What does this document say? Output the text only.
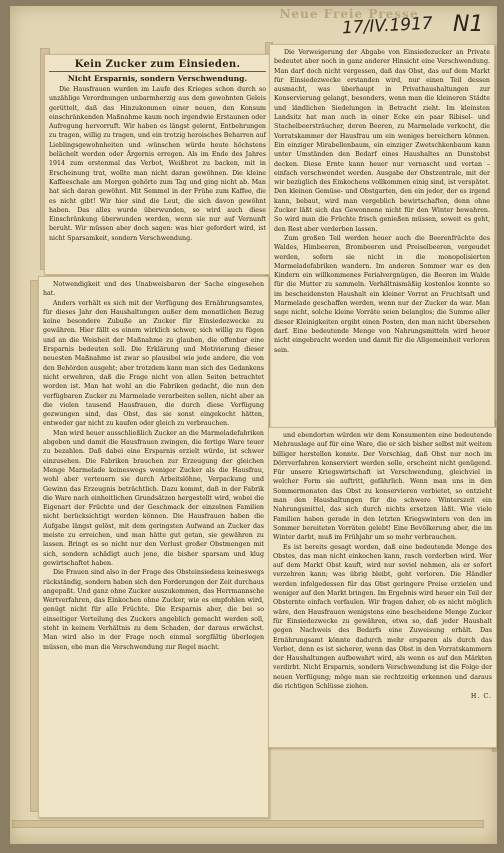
Neue Freie Presse
17/IV.1917 N1
Kein Zucker zum Einsieden.
Nicht Ersparnis, sondern Verschwendung.

Die Hausfrauen wurden im Laufe des Krieges schon durch so unzählige Verordnungen unbarmherzig aus dem gewohnten Geleis gerüttelt, daß das Hinzukommen einer neuen, den Konsum einschränkenden Maßnahme kaum noch irgendwie Erstaunen oder Aufregung hervorruft. Wir haben es längst gelernt, Entbehrungen zu tragen, willig zu tragen, und ein trotzig heroisches Beharren auf Lieblingsgewohnheiten und -wünschen würde heute höchstens belächelt werden oder Ärgernis erregen. Als im Ende des Jahres 1914 zum erstenmal das Verbot, Weißbrot zu backen, mit in Erscheinung trat, wollte man nicht daran gewöhnen. Die kleine Kaffeeschale am Morgen gehörte zum Tag und ging nicht ab. Man hat sich daran gewöhnt. Mit Semmel in der Frühe zum Kaffee, die es nicht gibt! Wir hier sind die Leut, die sich davon gewöhnt haben. Das alles wurde überwunden, so wird auch diese Einschränkung überwunden werden, wenn sie nur auf Vernunft beruht. Wir müssen aber doch sagen: was hier gefordert wird, ist nicht Sparsamkeit, sondern Verschwendung.

Die Verweigerung der Abgabe von Einsiedezucker an Private bedeutet aber noch in ganz anderer Hinsicht eine Verschwendung. Man darf doch nicht vergessen, daß das Obst, das auf dem Markt für Einsiedezwecke erstanden wird, nur einen Teil dessen ausmacht, was überhaupt in Privathaushaltungen zur Konservierung gelangt, besonders, wenn man die kleineren Städte und ländlichen Siedelungen in Betracht zieht. Im kleinsten Landsitz hat man auch in einer Ecke ein paar Ribisel- und Stachelbeersträucher, deren Beeren, zu Marmelade verkocht, die Vorratskammer der Hausfrau um ein weniges bereichern können. Ein einziger Mirabellenbaum, ein einziger Zwetschkenbaum kann unter Umständen den Bedarf eines Haushaltes an Dunstobst decken. Diese Ernte kann heuer nur vernascht und vertan – einfach verschwendet werden. Ausgabe der Obstzentrale, mit der wir bezüglich des Einkochens vollkommen einig sind, ist verspätet. Den kleinen Gemüse- und Obstgarten, den ein jeder, der es irgend kann, bebaut, wird man vergeblich bewirtschaften, denn ohne Zucker läßt sich das Gewonnene nicht für den Winter bewahren. So wird man die Früchte frisch genießen müssen, soweit es geht, den Rest aber verderben lassen.

Zum großen Teil werden heuer auch die Beerenfrüchte des Waldes, Himbeeren, Brombeeren und Preiselbeeren, vergeudet werden, sofern sie nicht in die monopolisierten Marmeladefabriken wandern. Im anderen Sommer war es den Kindern ein willkommenes Ferialvergnügen, die Beeren im Walde für die Mutter zu sammeln. Verhältnismäßig kostenlos konnte so im bescheidensten Haushalt ein kleiner Vorrat an Fruchtsaft und Marmelade geschaffen werden, wenn nur der Zucker da war. Man sage nicht, solche kleine Vorräte seien belanglos; die Summe aller dieser Kleinigkeiten ergibt einen Posten, den man nicht übersehen darf. Eine bedeutende Menge von Nahrungsmitteln wird heuer nicht eingebracht werden und damit für die Allgemeinheit verloren sein.

Notwendigkeit und des Unabweisbaren der Sache eingesehen hat.

Anders verhält es sich mit der Verfügung des Ernährungsamtes, für dieses Jahr den Haushaltungen außer dem monatlichen Bezug keine besondere Zubuße an Zucker für Einsiedezwecke zu gewähren. Hier fällt es einem wirklich schwer, sich willig zu fügen und an die Weisheit der Maßnahme zu glauben, die offenbar eine Ersparnis bedeuten soll. Die Erklärung und Motivierung dieser neuesten Maßnahme ist zwar so plausibel wie jede andere, die von den Behörden ausgeht; aber trotzdem kann man sich des Gedankens nicht erwehren, daß die Frage nicht von allen Seiten betrachtet worden ist. Man hat wohl an die Fabriken gedacht, die nun den verfügbaren Zucker zu Marmelade verarbeiten sollen, nicht aber an die vielen tausend Hausfrauen, die durch diese Verfügung gezwungen sind, das Obst, das sie sonst eingekocht hätten, entweder gar nicht zu kaufen oder gleich zu verbrauchen.

Man wird heuer ausschließlich Zucker an die Marmeladefabriken abgeben und damit die Hausfrauen zwingen, die fertige Ware teuer zu bezahlen. Daß dabei eine Ersparnis erzielt würde, ist schwer einzusehen. Die Fabriken brauchen zur Erzeugung der gleichen Menge Marmelade keineswegs weniger Zucker als die Hausfrau, wohl aber verteuern sie durch Arbeitslöhne, Verpackung und Gewinn das Erzeugnis beträchtlich. Dazu kommt, daß in der Fabrik die Ware nach einheitlichen Grundsätzen hergestellt wird, wobei die Eigenart der Früchte und der Geschmack der einzelnen Familien nicht berücksichtigt werden können. Die Hausfrauen haben die Aufgabe längst gelöst, mit dem geringsten Aufwand an Zucker das meiste zu erreichen, und man hätte gut getan, sie gewähren zu lassen. Bringt es so nicht nur den Verlust großer Obstmengen mit sich, sondern schädigt auch jene, die bisher sparsam und klug gewirtschaftet haben.

Die Frauen sind also in der Frage des Obsteinsiedens keineswegs rückständig, sondern haben sich den Forderungen der Zeit durchaus angepaßt. Und ganz ohne Zucker auszukommen, das Herrmannsche Wertverfahren, das Einkochen ohne Zucker, wie es empfohlen wird, genügt nicht für alle Früchte. Die Ersparnis aber, die bei so einseitiger Verteilung des Zuckers angeblich gemacht werden soll, steht in keinem Verhältnis zu dem Schaden, der daraus erwächst. Man wird also in der Frage noch einmal sorgfältig überlegen müssen, ehe man die Verschwendung zur Regel macht.

und ebendorten würden wir dem Konsumenten eine bedeutende Mehrauslage auf für eine Ware, die er sich bisher selbst mit weitem billiger herstellen konnte. Der Vorschlag, daß Obst nur noch im Dörrverfahren konserviert werden solle, erscheint nicht genügend. Für unsere Kriegswirtschaft ist Verschwendung, gleichviel in welcher Form sie auftritt, gefährlich. Wenn man uns in den Sommermonaten das Obst zu konservieren verbietet, so entzieht man den Haushaltungen für die schwere Winterszeit ein Nahrungsmittel, das sich durch nichts ersetzen läßt. Wie viele Familien haben gerade in den letzten Kriegswintern von den im Sommer bereiteten Vorräten gelebt! Eine Bevölkerung aber, die im Winter darbt, muß im Frühjahr um so mehr verbrauchen.

Es ist bereits gesagt worden, daß eine bedeutende Menge des Obstes, das man nicht einkochen kann, rasch verdorben wird. Wer auf dem Markt Obst kauft, wird nur soviel nehmen, als er sofort verzehren kann; was übrig bleibt, geht verloren. Die Händler werden infolgedessen für das Obst geringere Preise erzielen und weniger auf den Markt bringen. Im Ergebnis wird heuer ein Teil der Obsternte einfach verfaulen. Wir fragen daher, ob es nicht möglich wäre, den Hausfrauen wenigstens eine bescheidene Menge Zucker für Einsiedezwecke zu gewähren, etwa so, daß jeder Haushalt gegen Nachweis des Bedarfs eine Zuweisung erhält. Das Ernährungsamt könnte dadurch mehr ersparen als durch das Verbot, denn es ist sicherer, wenn das Obst in den Vorratskammern der Haushaltungen aufbewahrt wird, als wenn es auf den Märkten verdirbt. Nicht Ersparnis, sondern Verschwendung ist die Folge der neuen Verfügung; möge man sie rechtzeitig erkennen und daraus die richtigen Schlüsse ziehen.

H. C.
